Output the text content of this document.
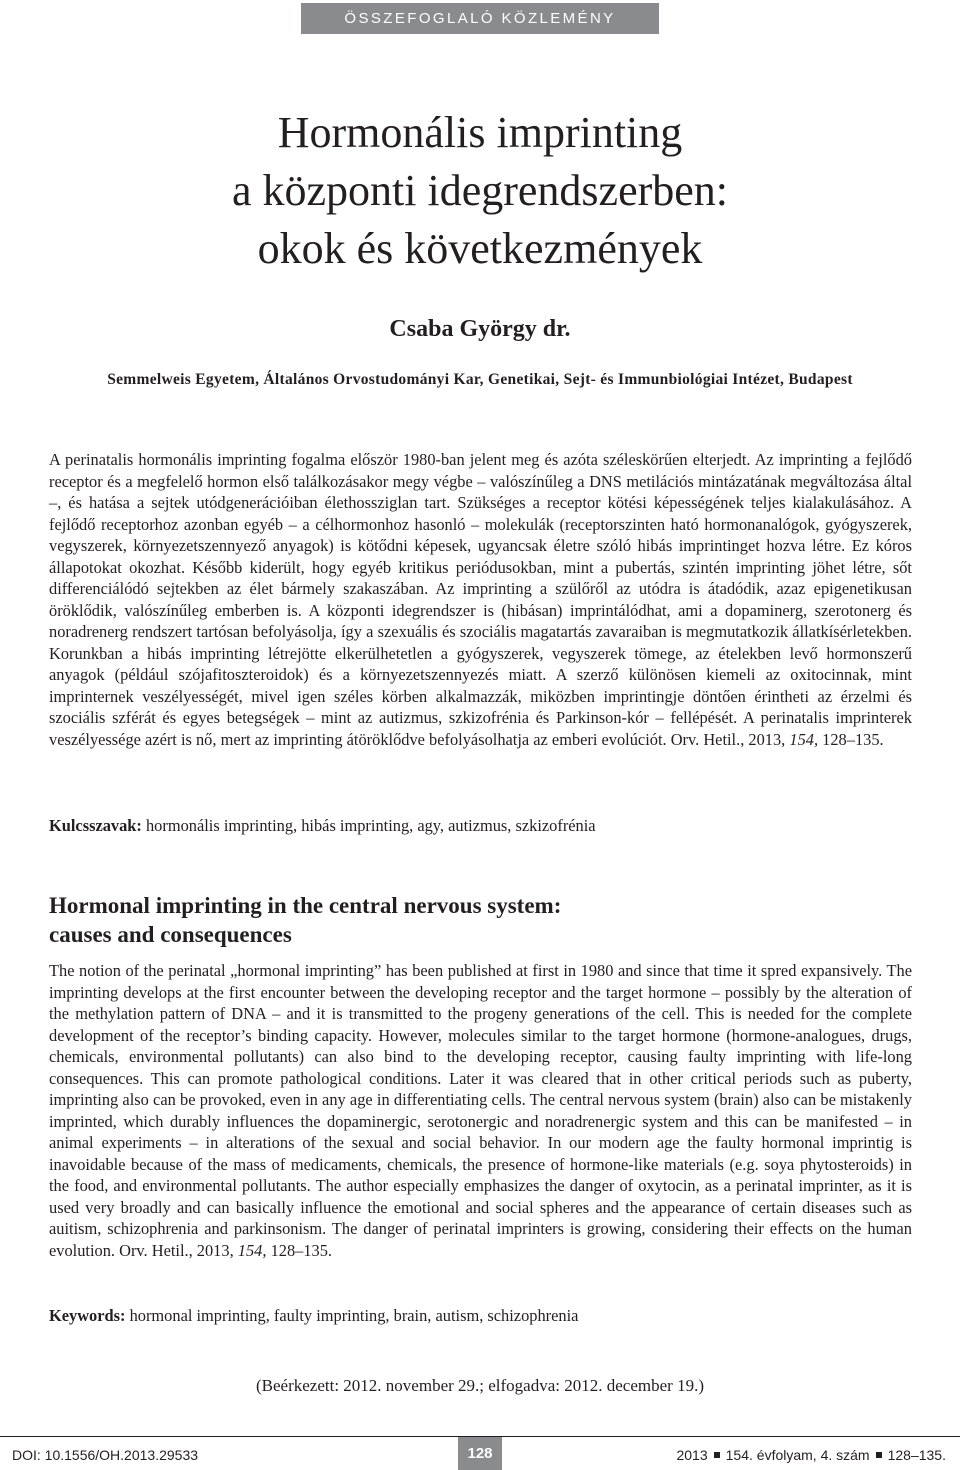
ÖSSZEFOGLALÓ KÖZLEMÉNY
Hormonális imprinting
a központi idegrendszerben:
okok és következmények
Csaba György dr.
Semmelweis Egyetem, Általános Orvostudományi Kar, Genetikai, Sejt- és Immunbiológiai Intézet, Budapest

A perinatalis hormonális imprinting fogalma először 1980-ban jelent meg és azóta széleskörűen elterjedt. Az imprinting a fejlődő receptor és a megfelelő hormon első találkozásakor megy végbe – valószínűleg a DNS metilációs mintázatának megváltozása által –, és hatása a sejtek utódgenerációiban élethossziglan tart. Szükséges a receptor kötési képességének teljes kialakulásához. A fejlődő receptorhoz azonban egyéb – a célhormonhoz hasonló – molekulák (receptorszinten ható hormonanalógok, gyógyszerek, vegyszerek, környezetszennyező anyagok) is kötődni képesek, ugyancsak életre szóló hibás imprintinget hozva létre. Ez kóros állapotokat okozhat. Később kiderült, hogy egyéb kritikus periódusokban, mint a pubertás, szintén imprinting jöhet létre, sőt differenciálódó sejtekben az élet bármely szakaszában. Az imprinting a szülőről az utódra is átadódik, azaz epigenetikusan öröklődik, valószínűleg emberben is. A központi idegrendszer is (hibásan) imprintálódhat, ami a dopaminerg, szerotonerg és noradrenerg rendszert tartósan befolyásolja, így a szexuális és szociális magatartás zavaraiban is megmutatkozik állatkísérletekben. Korunkban a hibás imprinting létrejötte elkerülhetetlen a gyógyszerek, vegyszerek tömege, az ételekben levő hormonszerű anyagok (például szójafitoszteroidok) és a környezetszennyezés miatt. A szerző különösen kiemeli az oxitocinnak, mint imprinternek veszélyességét, mivel igen széles körben alkalmazzák, miközben imprintingje döntően érintheti az érzelmi és szociális szférát és egyes betegségek – mint az autizmus, szkizofrénia és Parkinson-kór – fellépését. A perinatalis imprinterek veszélyessége azért is nő, mert az imprinting átöröklődve befolyásolhatja az emberi evolúciót. Orv. Hetil., 2013, 154, 128–135.

Kulcsszavak: hormonális imprinting, hibás imprinting, agy, autizmus, szkizofrénia
Hormonal imprinting in the central nervous system:
causes and consequences

The notion of the perinatal „hormonal imprinting” has been published at first in 1980 and since that time it spred expansively. The imprinting develops at the first encounter between the developing receptor and the target hormone – possibly by the alteration of the methylation pattern of DNA – and it is transmitted to the progeny generations of the cell. This is needed for the complete development of the receptor’s binding capacity. However, molecules similar to the target hormone (hormone-analogues, drugs, chemicals, environmental pollutants) can also bind to the developing receptor, causing faulty imprinting with life-long consequences. This can promote pathological conditions. Later it was cleared that in other critical periods such as puberty, imprinting also can be provoked, even in any age in differentiating cells. The central nervous system (brain) also can be mistakenly imprinted, which durably influences the dopaminergic, serotonergic and noradrenergic system and this can be manifested – in animal experiments – in alterations of the sexual and social behavior. In our modern age the faulty hormonal imprintig is inavoidable because of the mass of medicaments, chemicals, the presence of hormone-like materials (e.g. soya phytosteroids) in the food, and environmental pollutants. The author especially emphasizes the danger of oxytocin, as a perinatal imprinter, as it is used very broadly and can basically influence the emotional and social spheres and the appearance of certain diseases such as auitism, schizophrenia and parkinsonism. The danger of perinatal imprinters is growing, considering their effects on the human evolution. Orv. Hetil., 2013, 154, 128–135.

Keywords: hormonal imprinting, faulty imprinting, brain, autism, schizophrenia
(Beérkezett: 2012. november 29.; elfogadva: 2012. december 19.)
DOI: 10.1556/OH.2013.29533	128	2013 154. évfolyam, 4. szám 128–135.
